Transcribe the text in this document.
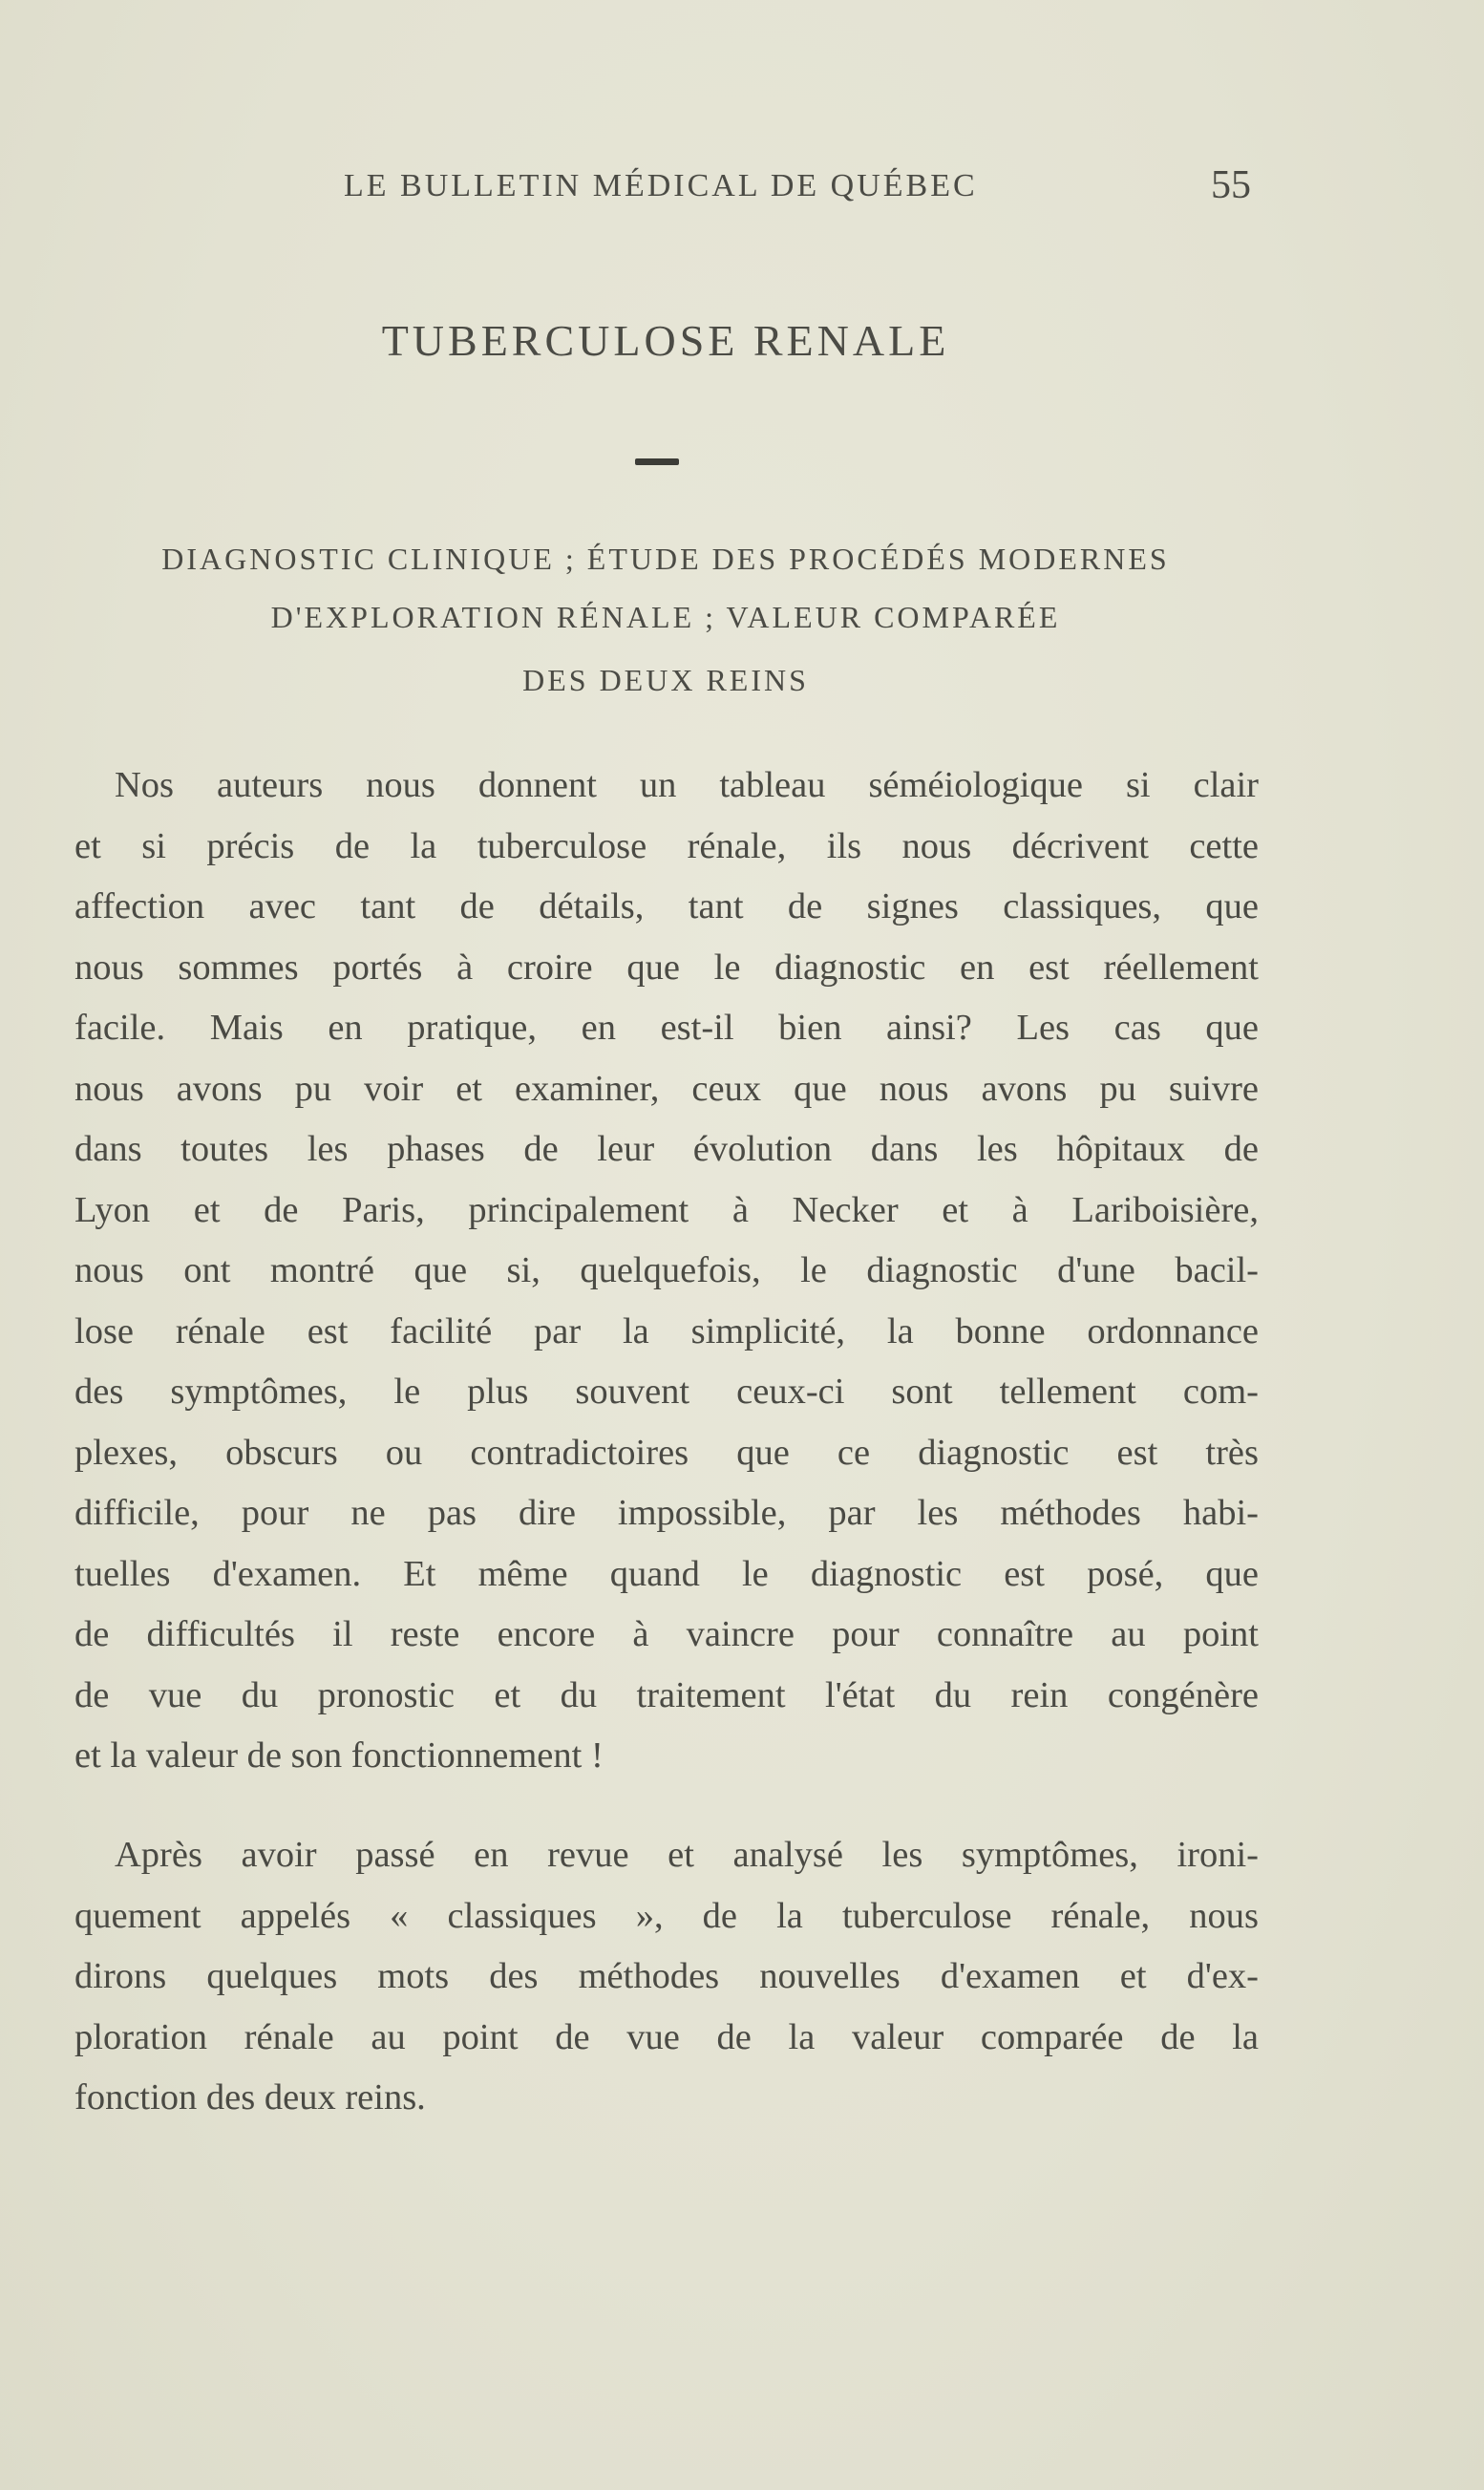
LE BULLETIN MÉDICAL DE QUÉBEC	55
TUBERCULOSE RENALE
DIAGNOSTIC CLINIQUE ; ÉTUDE DES PROCÉDÉS MODERNES
D'EXPLORATION RÉNALE ; VALEUR COMPARÉE
DES DEUX REINS
Nos auteurs nous donnent un tableau séméiologique si clair
et si précis de la tuberculose rénale, ils nous décrivent cette
affection avec tant de détails, tant de signes classiques, que
nous sommes portés à croire que le diagnostic en est réellement
facile. Mais en pratique, en est-il bien ainsi? Les cas que
nous avons pu voir et examiner, ceux que nous avons pu suivre
dans toutes les phases de leur évolution dans les hôpitaux de
Lyon et de Paris, principalement à Necker et à Lariboisière,
nous ont montré que si, quelquefois, le diagnostic d'une bacil-
lose rénale est facilité par la simplicité, la bonne ordonnance
des symptômes, le plus souvent ceux-ci sont tellement com-
plexes, obscurs ou contradictoires que ce diagnostic est très
difficile, pour ne pas dire impossible, par les méthodes habi-
tuelles d'examen. Et même quand le diagnostic est posé, que
de difficultés il reste encore à vaincre pour connaître au point
de vue du pronostic et du traitement l'état du rein congénère
et la valeur de son fonctionnement !
Après avoir passé en revue et analysé les symptômes, ironi-
quement appelés « classiques », de la tuberculose rénale, nous
dirons quelques mots des méthodes nouvelles d'examen et d'ex-
ploration rénale au point de vue de la valeur comparée de la
fonction des deux reins.
